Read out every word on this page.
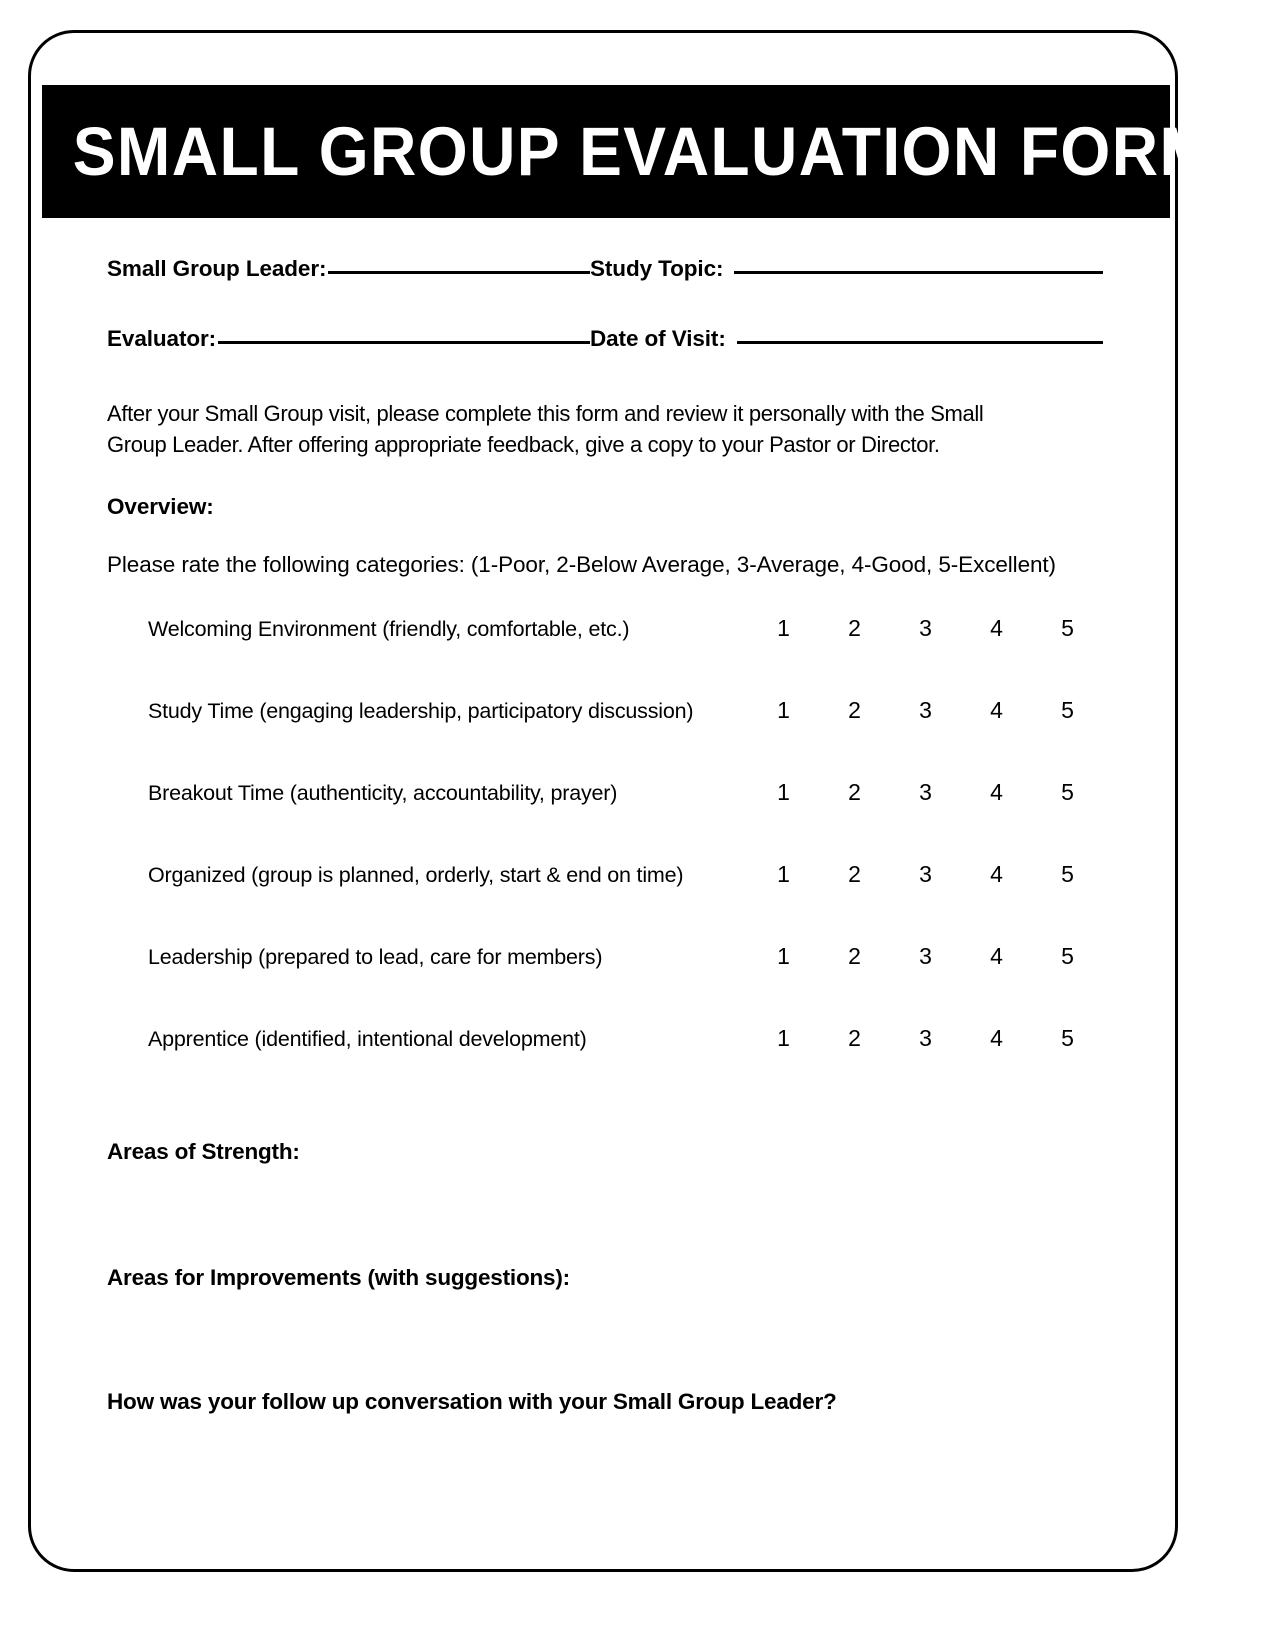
SMALL GROUP EVALUATION FORM
Small Group Leader:	Study Topic:
Evaluator:	Date of Visit:
After your Small Group visit, please complete this form and review it personally with the Small
Group Leader. After offering appropriate feedback, give a copy to your Pastor or Director.
Overview:
Please rate the following categories: (1-Poor, 2-Below Average, 3-Average, 4-Good, 5-Excellent)
Welcoming Environment (friendly, comfortable, etc.)	1	2	3	4	5
Study Time (engaging leadership, participatory discussion)	1	2	3	4	5
Breakout Time (authenticity, accountability, prayer)	1	2	3	4	5
Organized (group is planned, orderly, start & end on time)	1	2	3	4	5
Leadership (prepared to lead, care for members)	1	2	3	4	5
Apprentice (identified, intentional development)	1	2	3	4	5
Areas of Strength:
Areas for Improvements (with suggestions):
How was your follow up conversation with your Small Group Leader?
